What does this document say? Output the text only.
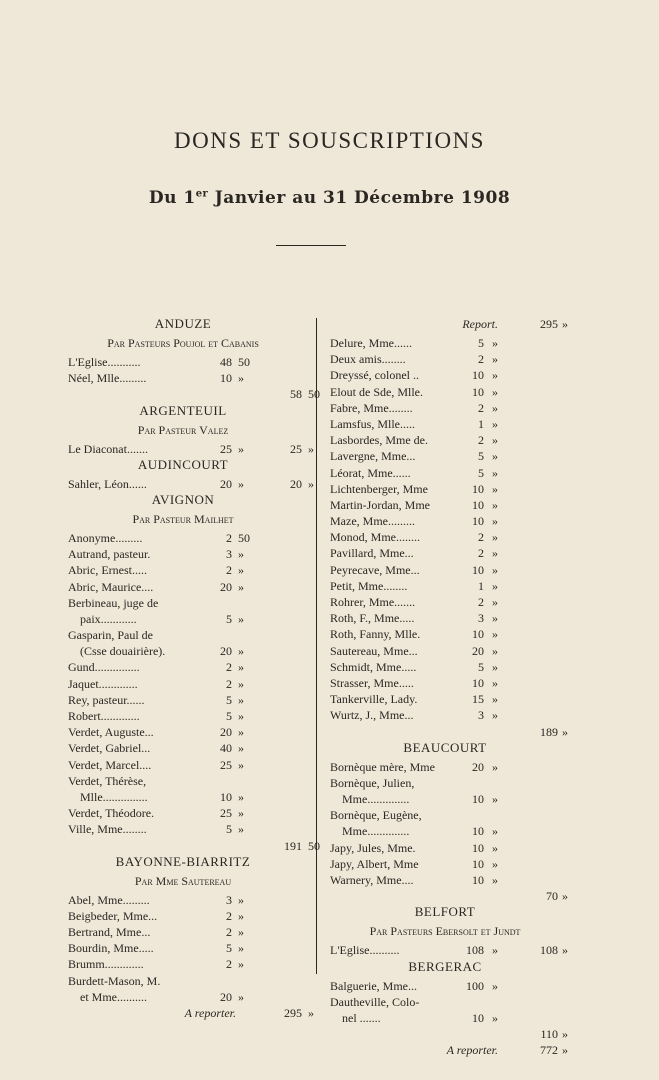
DONS ET SOUSCRIPTIONS
Du 1er Janvier au 31 Décembre 1908
ANDUZE
Par Pasteurs Poujol et Cabanis
L'Eglise...........	48 50
Néel, Mlle.........	10 »
58 50
ARGENTEUIL
Par Pasteur Valez
Le Diaconat.......	25 »	25 »
AUDINCOURT
Sahler, Léon......	20 »	20 »
AVIGNON
Par Pasteur Mailhet
Anonyme.........	2 50
Autrand, pasteur.	3 »
Abric, Ernest.....	2 »
Abric, Maurice....	20 »
Berbineau, juge de
paix............	5 »
Gasparin, Paul de
(Csse douairière).	20 »
Gund...............	2 »
Jaquet.............	2 »
Rey, pasteur......	5 »
Robert.............	5 »
Verdet, Auguste...	20 »
Verdet, Gabriel...	40 »
Verdet, Marcel....	25 »
Verdet, Thérèse,
Mlle...............	10 »
Verdet, Théodore.	25 »
Ville, Mme........	5 »
191 50
BAYONNE-BIARRITZ
Par Mme Sautereau
Abel, Mme.........	3 »
Beigbeder, Mme...	2 »
Bertrand, Mme...	2 »
Bourdin, Mme.....	5 »
Brumm.............	2 »
Burdett-Mason, M.
et Mme..........	20 »
A reporter.	295 »
Report.	295 »
Delure, Mme......	5 »
Deux amis........	2 »
Dreyssé, colonel ..	10 »
Elout de Sde, Mlle.	10 »
Fabre, Mme........	2 »
Lamsfus, Mlle.....	1 »
Lasbordes, Mme de.	2 »
Lavergne, Mme...	5 »
Léorat, Mme......	5 »
Lichtenberger, Mme	10 »
Martin-Jordan, Mme	10 »
Maze, Mme.........	10 »
Monod, Mme........	2 »
Pavillard, Mme...	2 »
Peyrecave, Mme...	10 »
Petit, Mme........	1 »
Rohrer, Mme.......	2 »
Roth, F., Mme.....	3 »
Roth, Fanny, Mlle.	10 »
Sautereau, Mme...	20 »
Schmidt, Mme.....	5 »
Strasser, Mme.....	10 »
Tankerville, Lady.	15 »
Wurtz, J., Mme...	3 »
189 »
BEAUCOURT
Bornèque mère, Mme	20 »
Bornèque, Julien,
Mme..............	10 »
Bornèque, Eugène,
Mme..............	10 »
Japy, Jules, Mme.	10 »
Japy, Albert, Mme	10 »
Warnery, Mme....	10 »
70 »
BELFORT
Par Pasteurs Ebersolt et Jundt
L'Eglise..........	108 »	108 »
BERGERAC
Balguerie, Mme...	100 »
Dautheville, Colo-
nel .......	10 »
110 »
A reporter.	772 »
